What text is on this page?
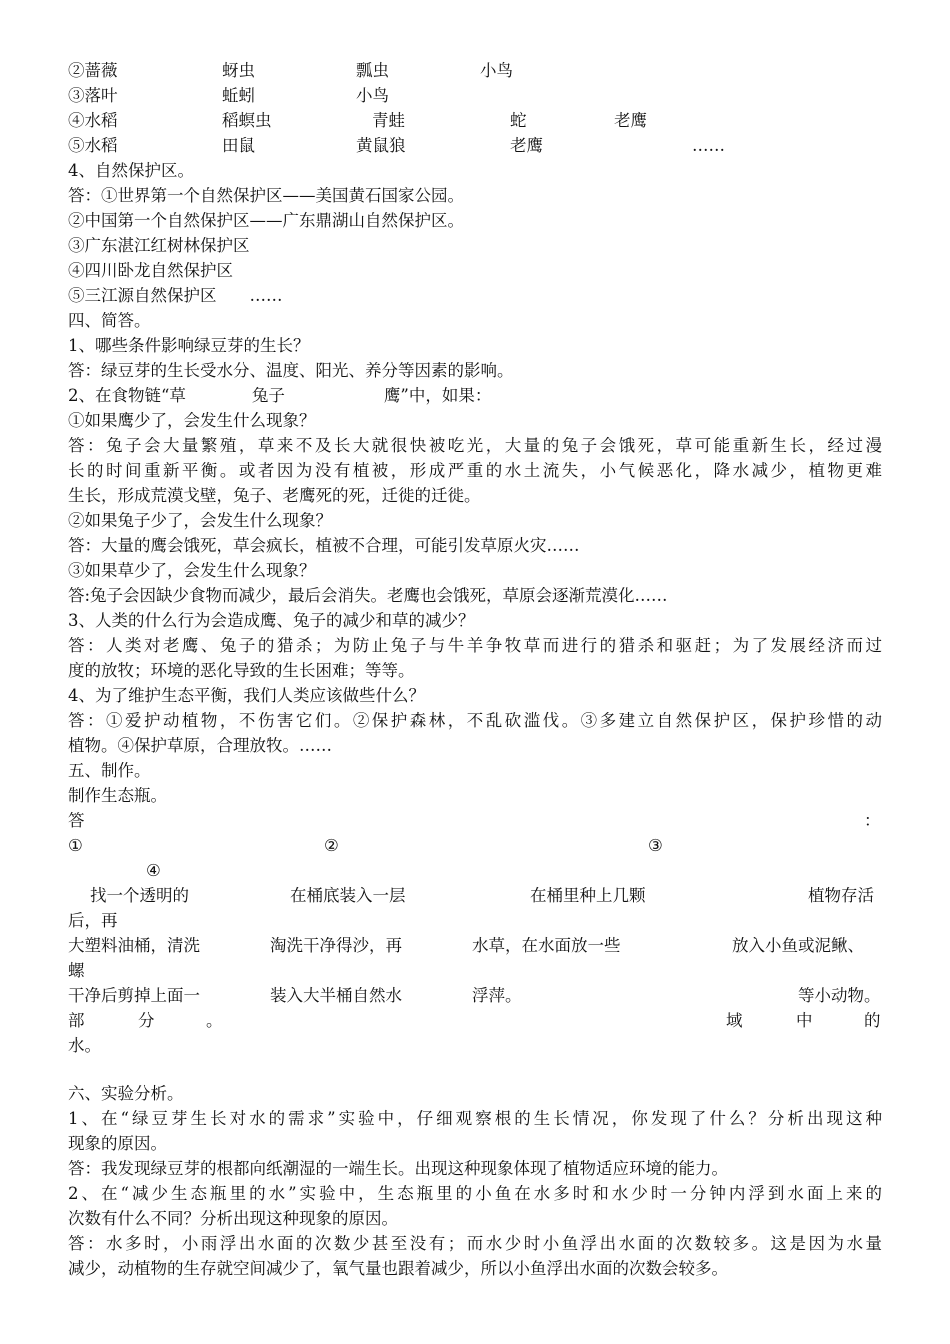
②蔷薇	蚜虫	瓢虫	小鸟
③落叶	蚯蚓	小鸟
④水稻	稻螟虫	青蛙	蛇	老鹰
⑤水稻	田鼠	黄鼠狼	老鹰	……
4、自然保护区。
答：①世界第一个自然保护区——美国黄石国家公园。
②中国第一个自然保护区——广东鼎湖山自然保护区。
③广东湛江红树林保护区
④四川卧龙自然保护区
⑤三江源自然保护区　　……
四、简答。
1、哪些条件影响绿豆芽的生长？
答：绿豆芽的生长受水分、温度、阳光、养分等因素的影响。
2、在食物链“草　　　　兔子　　　　　　鹰”中，如果：
①如果鹰少了，会发生什么现象？
答：兔子会大量繁殖，草来不及长大就很快被吃光，大量的兔子会饿死，草可能重新生长，经过漫
长的时间重新平衡。或者因为没有植被，形成严重的水土流失，小气候恶化，降水减少，植物更难
生长，形成荒漠戈壁，兔子、老鹰死的死，迁徙的迁徙。
②如果兔子少了，会发生什么现象？
答：大量的鹰会饿死，草会疯长，植被不合理，可能引发草原火灾……
③如果草少了，会发生什么现象？
答:兔子会因缺少食物而减少，最后会消失。老鹰也会饿死，草原会逐渐荒漠化……
3、人类的什么行为会造成鹰、兔子的减少和草的减少？
答：人类对老鹰、兔子的猎杀；为防止兔子与牛羊争牧草而进行的猎杀和驱赶；为了发展经济而过
度的放牧；环境的恶化导致的生长困难；等等。
4、为了维护生态平衡，我们人类应该做些什么？
答：①爱护动植物，不伤害它们。②保护森林，不乱砍滥伐。③多建立自然保护区，保护珍惜的动
植物。④保护草原，合理放牧。……
五、制作。
制作生态瓶。
答	：
①	②	③
④
找一个透明的	在桶底装入一层	在桶里种上几颗	植物存活
后，再
大塑料油桶，清洗	淘洗干净得沙，再	水草，在水面放一些	放入小鱼或泥鳅、
螺
干净后剪掉上面一	装入大半桶自然水	浮萍。	等小动物。
部	分	。	域	中	的
水。
六、实验分析。
1、在“绿豆芽生长对水的需求”实验中，仔细观察根的生长情况，你发现了什么？分析出现这种
现象的原因。
答：我发现绿豆芽的根都向纸潮湿的一端生长。出现这种现象体现了植物适应环境的能力。
2、在“减少生态瓶里的水”实验中，生态瓶里的小鱼在水多时和水少时一分钟内浮到水面上来的
次数有什么不同？分析出现这种现象的原因。
答：水多时，小雨浮出水面的次数少甚至没有；而水少时小鱼浮出水面的次数较多。这是因为水量
减少，动植物的生存就空间减少了，氧气量也跟着减少，所以小鱼浮出水面的次数会较多。
